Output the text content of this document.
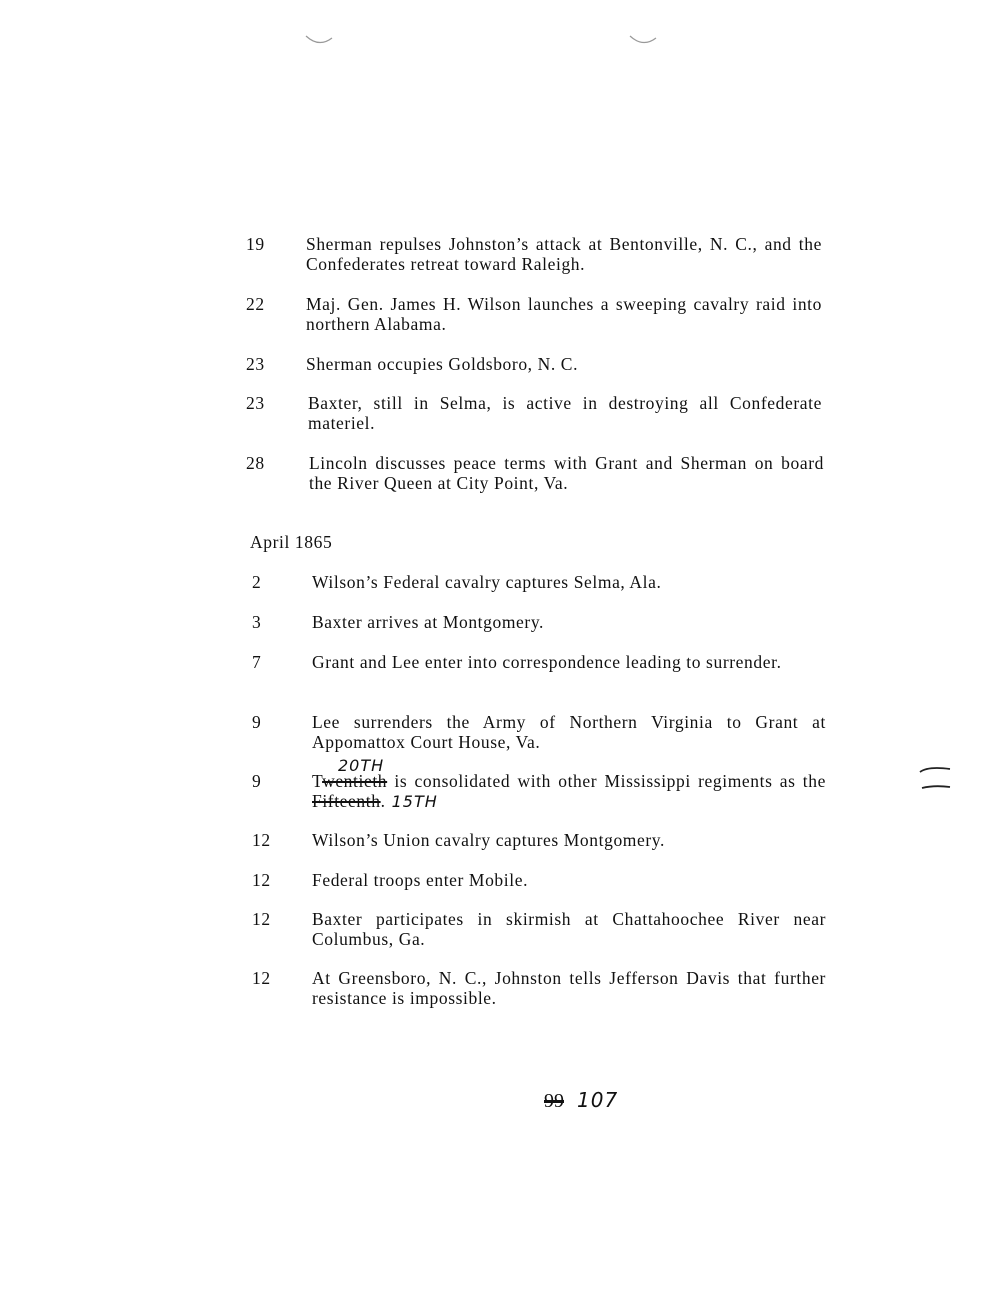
19	Sherman repulses Johnston’s attack at Bentonville, N. C., and the Confederates retreat toward Raleigh.
22	Maj. Gen. James H. Wilson launches a sweeping cavalry raid into northern Alabama.
23	Sherman occupies Goldsboro, N. C.
23	Baxter, still in Selma, is active in destroying all Confederate materiel.
28	Lincoln discusses peace terms with Grant and Sherman on board the River Queen at City Point, Va.
April 1865
2	Wilson’s Federal cavalry captures Selma, Ala.
3	Baxter arrives at Montgomery.
7	Grant and Lee enter into correspondence leading to surrender.
9	Lee surrenders the Army of Northern Virginia to Grant at Appomattox Court House, Va.
20TH
9	Twentieth is consolidated with other Mississippi regiments as the Fifteenth. 15TH
12	Wilson’s Union cavalry captures Montgomery.
12	Federal troops enter Mobile.
12	Baxter participates in skirmish at Chattahoochee River near Columbus, Ga.
12	At Greensboro, N. C., Johnston tells Jefferson Davis that further resistance is impossible.
99 107
